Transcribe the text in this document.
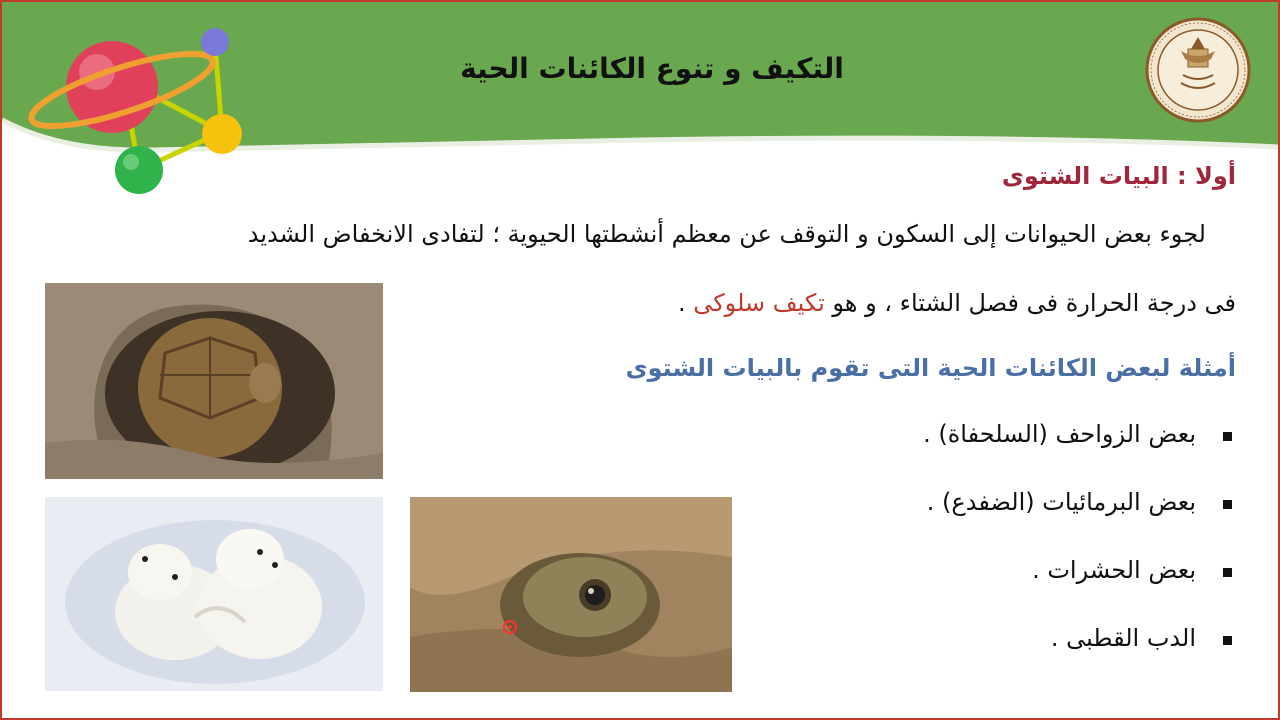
التكيف و تنوع الكائنات الحية
أولا : البيات الشتوى
لجوء بعض الحيوانات إلى السكون و التوقف عن معظم أنشطتها الحيوية ؛ لتفادى الانخفاض الشديد
فى درجة الحرارة فى فصل الشتاء ، و هو تكيف سلوكى .
أمثلة لبعض الكائنات الحية التى تقوم بالبيات الشتوى
بعض الزواحف (السلحفاة) .
بعض البرمائيات (الضفدع) .
بعض الحشرات .
الدب القطبى .
